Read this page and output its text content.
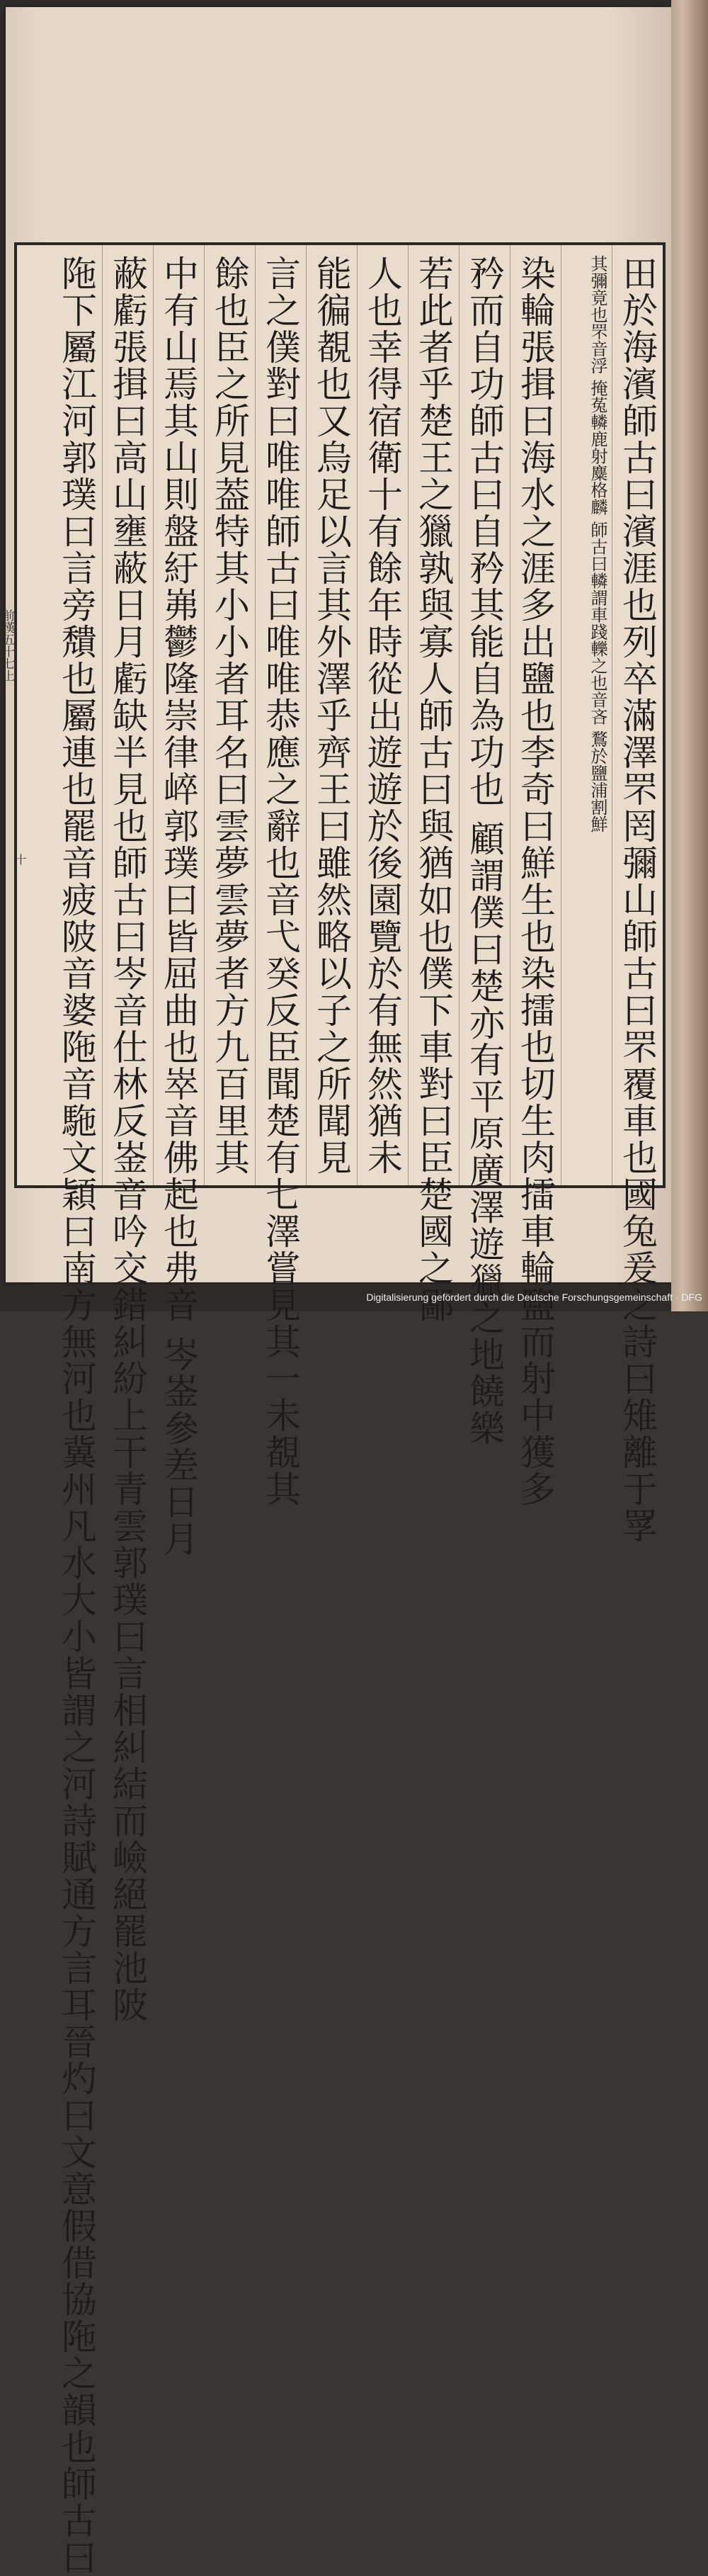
田於海濱師古曰濱涯也列卒滿澤罘罔彌山師古曰罘覆車也國兔爰之詩曰雉離于罦
其彌竟也罘音浮 掩菟轔鹿射麋格麟 師古曰轔謂車踐轢之也音吝 鶩於鹽浦割鮮
染輪張揖曰海水之涯多出鹽也李奇曰鮮生也染擂也切生肉擂車輪鹽而射中獲多
矜而自功師古曰自矜其能自為功也 顧謂僕曰楚亦有平原廣澤遊獵之地饒樂
若此者乎楚王之獵孰與寡人師古曰與猶如也僕下車對曰臣楚國之鄙
人也幸得宿衛十有餘年時從出遊遊於後園覽於有無然猶未
能徧覩也又烏足以言其外澤乎齊王曰雖然略以子之所聞見
言之僕對曰唯唯師古曰唯唯恭應之辭也音弋癸反臣聞楚有七澤嘗見其一未覩其
餘也臣之所見葢特其小小者耳名曰雲夢雲夢者方九百里其
中有山焉其山則盤紆岪鬱隆崇律崪郭璞曰皆屈曲也崒音佛起也弗音 岑崟參差日月
蔽虧張揖曰高山壅蔽日月虧缺半見也師古曰岑音仕林反崟音吟交錯糾紛上干青雲郭璞曰言相糾結而嶮絕罷池陂
陁下屬江河郭璞曰言旁穨也屬連也罷音疲陂音婆陁音駞文穎曰南方無河也冀州凡水大小皆謂之河詩賦通方言耳晉灼曰文意假借協陁之韻也師古曰
前漢五十七上
十
Digitalisierung gefördert durch die Deutsche Forschungsgemeinschaft · DFG
